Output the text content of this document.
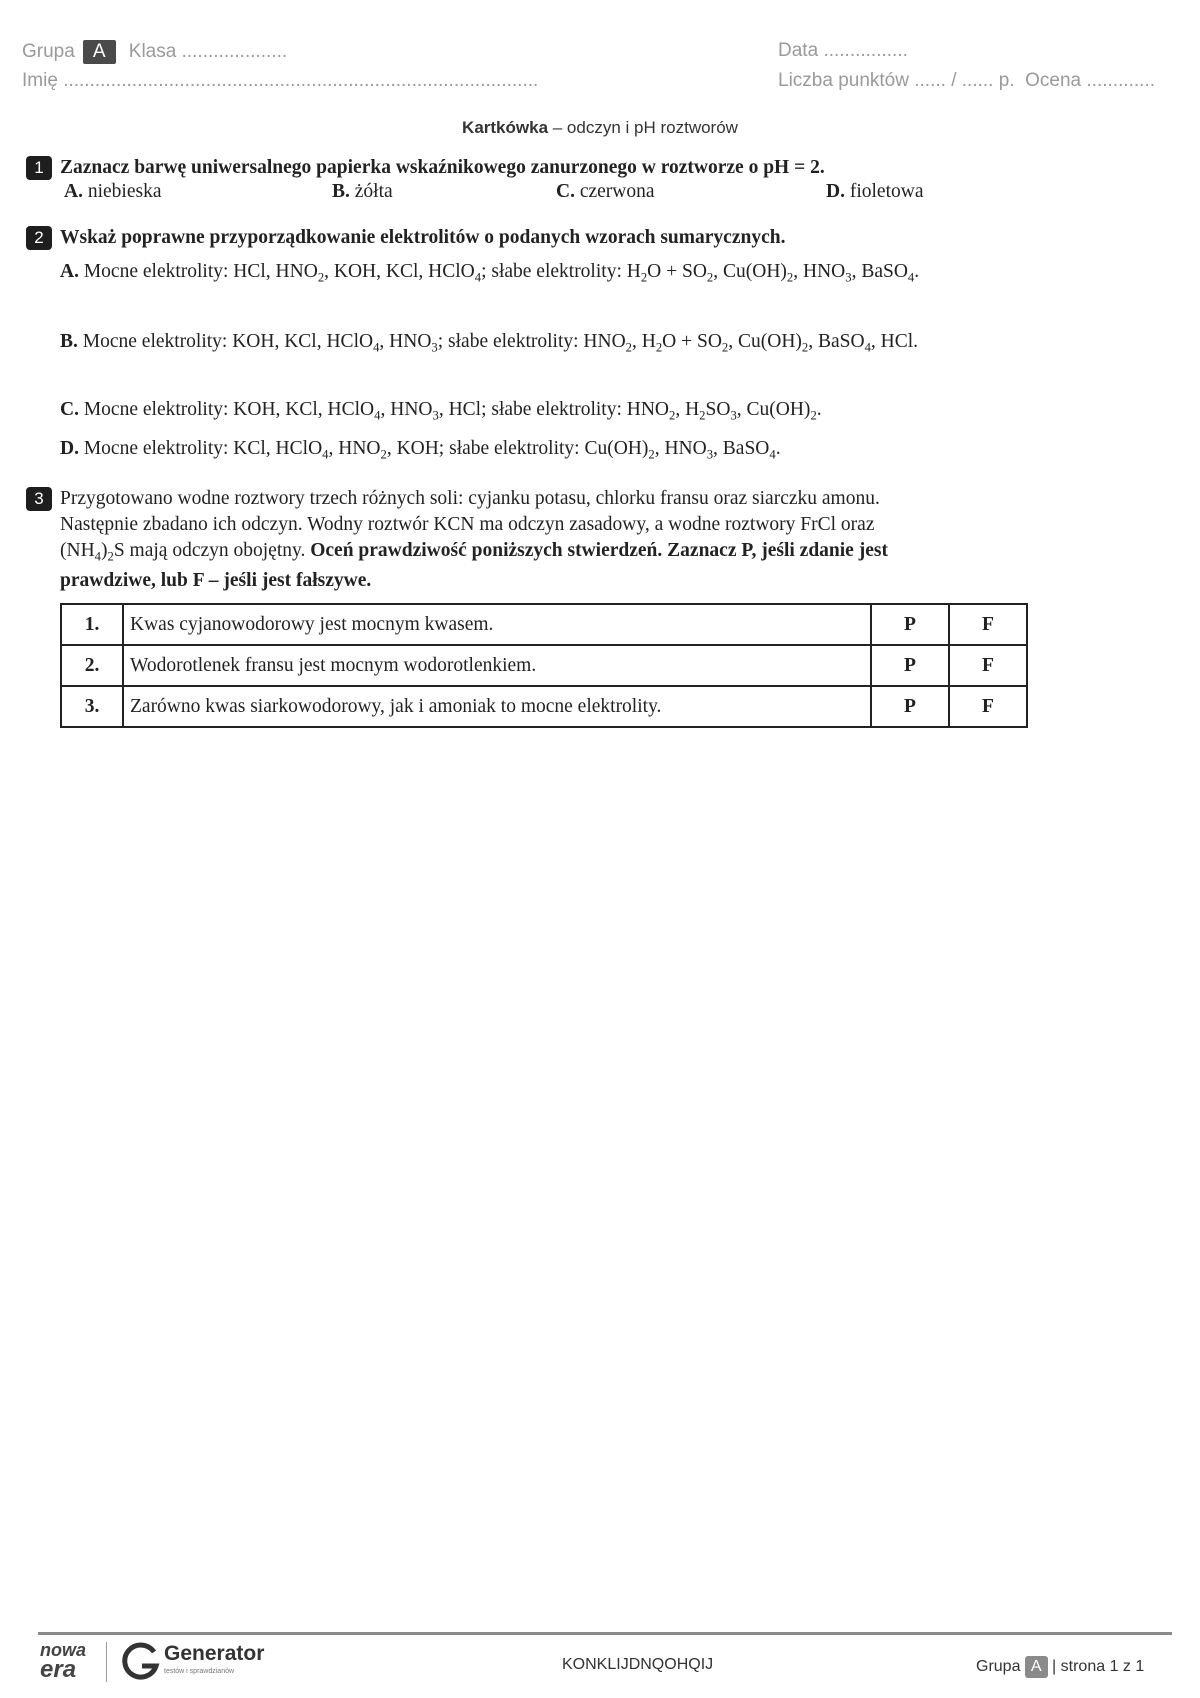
Grupa A Klasa ....................
Imię ..........................................................................................
Data ................
Liczba punktów ...... / ...... p. Ocena .............
Kartkówka – odczyn i pH roztworów
1 Zaznacz barwę uniwersalnego papierka wskaźnikowego zanurzonego w roztworze o pH = 2.
A. niebieska	B. żółta	C. czerwona	D. fioletowa
2 Wskaż poprawne przyporządkowanie elektrolitów o podanych wzorach sumarycznych.
A. Mocne elektrolity: HCl, $HNO_2$, KOH, KCl, HClO$_4$; słabe elektrolity: $H_2O + SO_2$, $Cu(OH)_2$, $HNO_3$, BaSO$_4$.
B. Mocne elektrolity: KOH, KCl, HClO$_4$, $HNO_3$; słabe elektrolity: $HNO_2$, $H_2O + SO_2$, $Cu(OH)_2$, BaSO$_4$, HCl.
C. Mocne elektrolity: KOH, KCl, HClO$_4$, $HNO_3$, HCl; słabe elektrolity: $HNO_2$, $H_2SO_3$, $Cu(OH)_2$.
D. Mocne elektrolity: KCl, HClO$_4$, $HNO_2$, KOH; słabe elektrolity: $Cu(OH)_2$, $HNO_3$, BaSO$_4$.
3 Przygotowano wodne roztwory trzech różnych soli: cyjanku potasu, chlorku fransu oraz siarczku amonu.
Następnie zbadano ich odczyn. Wodny roztwór KCN ma odczyn zasadowy, a wodne roztwory FrCl oraz
$(NH_4)_2S$ mają odczyn obojętny. Oceń prawdziwość poniższych stwierdzeń. Zaznacz P, jeśli zdanie jest
prawdziwe, lub F – jeśli jest fałszywe.
1.	Kwas cyjanowodorowy jest mocnym kwasem.	P	F
2.	Wodorotlenek fransu jest mocnym wodorotlenkiem.	P	F
3.	Zarówno kwas siarkowodorowy, jak i amoniak to mocne elektrolity.	P	F
nowa
era
Generator
testów i sprawdzianów	KONKLIJDNQOHQIJ	Grupa A | strona 1 z 1
